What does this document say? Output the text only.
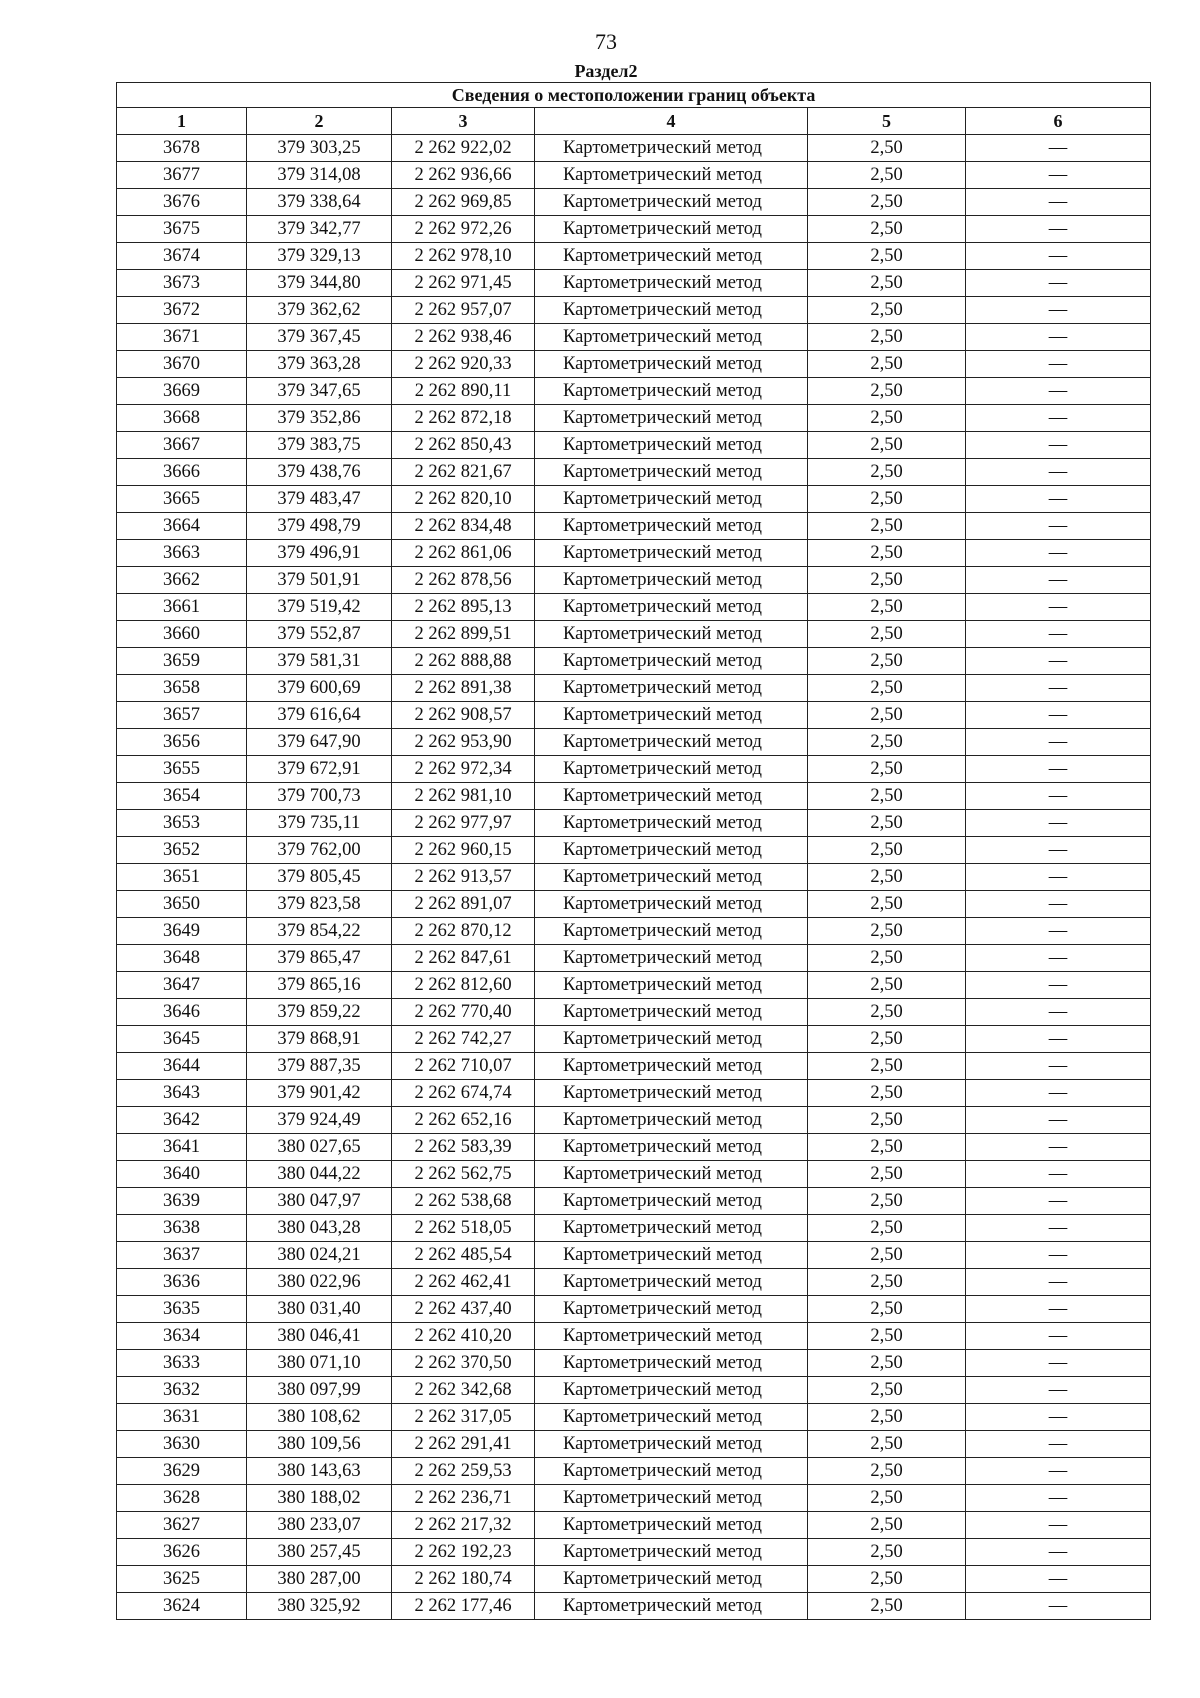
73
Раздел2
Сведения о местоположении границ объекта					
1	2	3	4	5	6
3678	379 303,25	2 262 922,02	Картометрический метод	2,50	—
3677	379 314,08	2 262 936,66	Картометрический метод	2,50	—
3676	379 338,64	2 262 969,85	Картометрический метод	2,50	—
3675	379 342,77	2 262 972,26	Картометрический метод	2,50	—
3674	379 329,13	2 262 978,10	Картометрический метод	2,50	—
3673	379 344,80	2 262 971,45	Картометрический метод	2,50	—
3672	379 362,62	2 262 957,07	Картометрический метод	2,50	—
3671	379 367,45	2 262 938,46	Картометрический метод	2,50	—
3670	379 363,28	2 262 920,33	Картометрический метод	2,50	—
3669	379 347,65	2 262 890,11	Картометрический метод	2,50	—
3668	379 352,86	2 262 872,18	Картометрический метод	2,50	—
3667	379 383,75	2 262 850,43	Картометрический метод	2,50	—
3666	379 438,76	2 262 821,67	Картометрический метод	2,50	—
3665	379 483,47	2 262 820,10	Картометрический метод	2,50	—
3664	379 498,79	2 262 834,48	Картометрический метод	2,50	—
3663	379 496,91	2 262 861,06	Картометрический метод	2,50	—
3662	379 501,91	2 262 878,56	Картометрический метод	2,50	—
3661	379 519,42	2 262 895,13	Картометрический метод	2,50	—
3660	379 552,87	2 262 899,51	Картометрический метод	2,50	—
3659	379 581,31	2 262 888,88	Картометрический метод	2,50	—
3658	379 600,69	2 262 891,38	Картометрический метод	2,50	—
3657	379 616,64	2 262 908,57	Картометрический метод	2,50	—
3656	379 647,90	2 262 953,90	Картометрический метод	2,50	—
3655	379 672,91	2 262 972,34	Картометрический метод	2,50	—
3654	379 700,73	2 262 981,10	Картометрический метод	2,50	—
3653	379 735,11	2 262 977,97	Картометрический метод	2,50	—
3652	379 762,00	2 262 960,15	Картометрический метод	2,50	—
3651	379 805,45	2 262 913,57	Картометрический метод	2,50	—
3650	379 823,58	2 262 891,07	Картометрический метод	2,50	—
3649	379 854,22	2 262 870,12	Картометрический метод	2,50	—
3648	379 865,47	2 262 847,61	Картометрический метод	2,50	—
3647	379 865,16	2 262 812,60	Картометрический метод	2,50	—
3646	379 859,22	2 262 770,40	Картометрический метод	2,50	—
3645	379 868,91	2 262 742,27	Картометрический метод	2,50	—
3644	379 887,35	2 262 710,07	Картометрический метод	2,50	—
3643	379 901,42	2 262 674,74	Картометрический метод	2,50	—
3642	379 924,49	2 262 652,16	Картометрический метод	2,50	—
3641	380 027,65	2 262 583,39	Картометрический метод	2,50	—
3640	380 044,22	2 262 562,75	Картометрический метод	2,50	—
3639	380 047,97	2 262 538,68	Картометрический метод	2,50	—
3638	380 043,28	2 262 518,05	Картометрический метод	2,50	—
3637	380 024,21	2 262 485,54	Картометрический метод	2,50	—
3636	380 022,96	2 262 462,41	Картометрический метод	2,50	—
3635	380 031,40	2 262 437,40	Картометрический метод	2,50	—
3634	380 046,41	2 262 410,20	Картометрический метод	2,50	—
3633	380 071,10	2 262 370,50	Картометрический метод	2,50	—
3632	380 097,99	2 262 342,68	Картометрический метод	2,50	—
3631	380 108,62	2 262 317,05	Картометрический метод	2,50	—
3630	380 109,56	2 262 291,41	Картометрический метод	2,50	—
3629	380 143,63	2 262 259,53	Картометрический метод	2,50	—
3628	380 188,02	2 262 236,71	Картометрический метод	2,50	—
3627	380 233,07	2 262 217,32	Картометрический метод	2,50	—
3626	380 257,45	2 262 192,23	Картометрический метод	2,50	—
3625	380 287,00	2 262 180,74	Картометрический метод	2,50	—
3624	380 325,92	2 262 177,46	Картометрический метод	2,50	—
